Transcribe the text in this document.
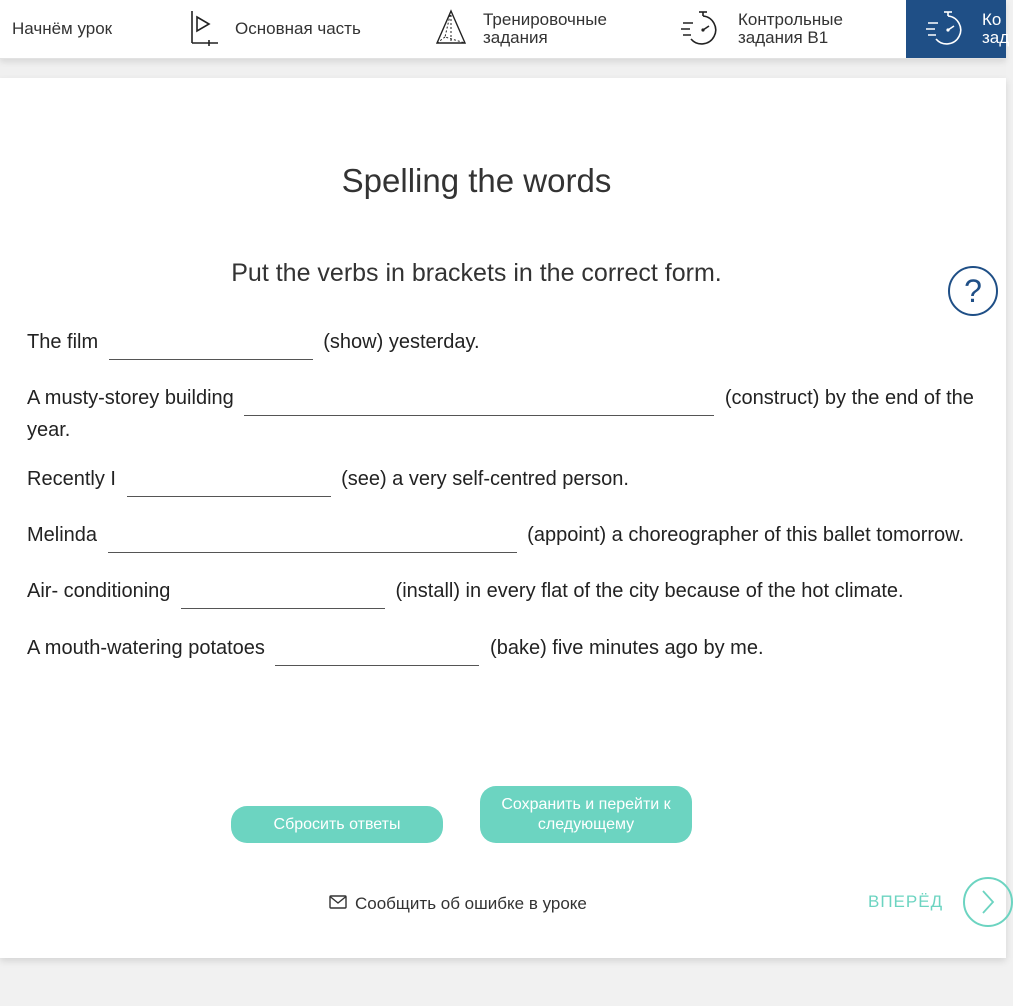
Начнём урок	Основная часть	Тренировочные
задания
Контрольные
задания В1
Ко
зад
Spelling the words
Put the verbs in brackets in the correct form.	?
The film	(show) yesterday.
A musty-storey building	(construct) by the end of the
year.
Recently I	(see) a very self-centred person.
Melinda	(appoint) a choreographer of this ballet tomorrow.
Air- conditioning	(install) in every flat of the city because of the hot climate.
A mouth-watering potatoes	(bake) five minutes ago by me.
Сбросить ответы
Сохранить и перейти к
следующему
Сообщить об ошибке в уроке	ВПЕРЁД
